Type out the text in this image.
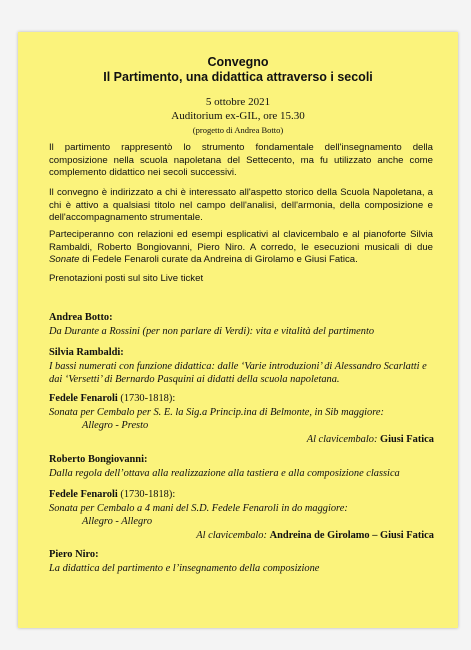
Convegno
Il Partimento, una didattica attraverso i secoli
5 ottobre 2021
Auditorium ex-GIL, ore 15.30
(progetto di Andrea Botto)
Il partimento rappresentò lo strumento fondamentale dell'insegnamento della composizione nella scuola napoletana del Settecento, ma fu utilizzato anche come complemento didattico nei secoli successivi.
Il convegno è indirizzato a chi è interessato all'aspetto storico della Scuola Napoletana, a chi è attivo a qualsiasi titolo nel campo dell'analisi, dell'armonia, della composizione e dell'accompagnamento strumentale.
Parteciperanno con relazioni ed esempi esplicativi al clavicembalo e al pianoforte Silvia Rambaldi, Roberto Bongiovanni, Piero Niro. A corredo, le esecuzioni musicali di due Sonate di Fedele Fenaroli curate da Andreina di Girolamo e Giusi Fatica.
Prenotazioni posti sul sito Live ticket
Andrea Botto:
Da Durante a Rossini (per non parlare di Verdi): vita e vitalità del partimento
Silvia Rambaldi:
I bassi numerati con funzione didattica: dalle ‘Varie introduzioni’ di Alessandro Scarlatti e dai ‘Versetti’ di Bernardo Pasquini ai didatti della scuola napoletana.
Fedele Fenaroli (1730-1818):
Sonata per Cembalo per S. E. la Sig.a Princip.ina di Belmonte, in Sib maggiore:
Allegro - Presto
Al clavicembalo: Giusi Fatica
Roberto Bongiovanni:
Dalla regola dell’ottava alla realizzazione alla tastiera e alla composizione classica
Fedele Fenaroli (1730-1818):
Sonata per Cembalo a 4 mani del S.D. Fedele Fenaroli in do maggiore:
Allegro - Allegro
Al clavicembalo: Andreina de Girolamo – Giusi Fatica
Piero Niro:
La didattica del partimento e l’insegnamento della composizione
